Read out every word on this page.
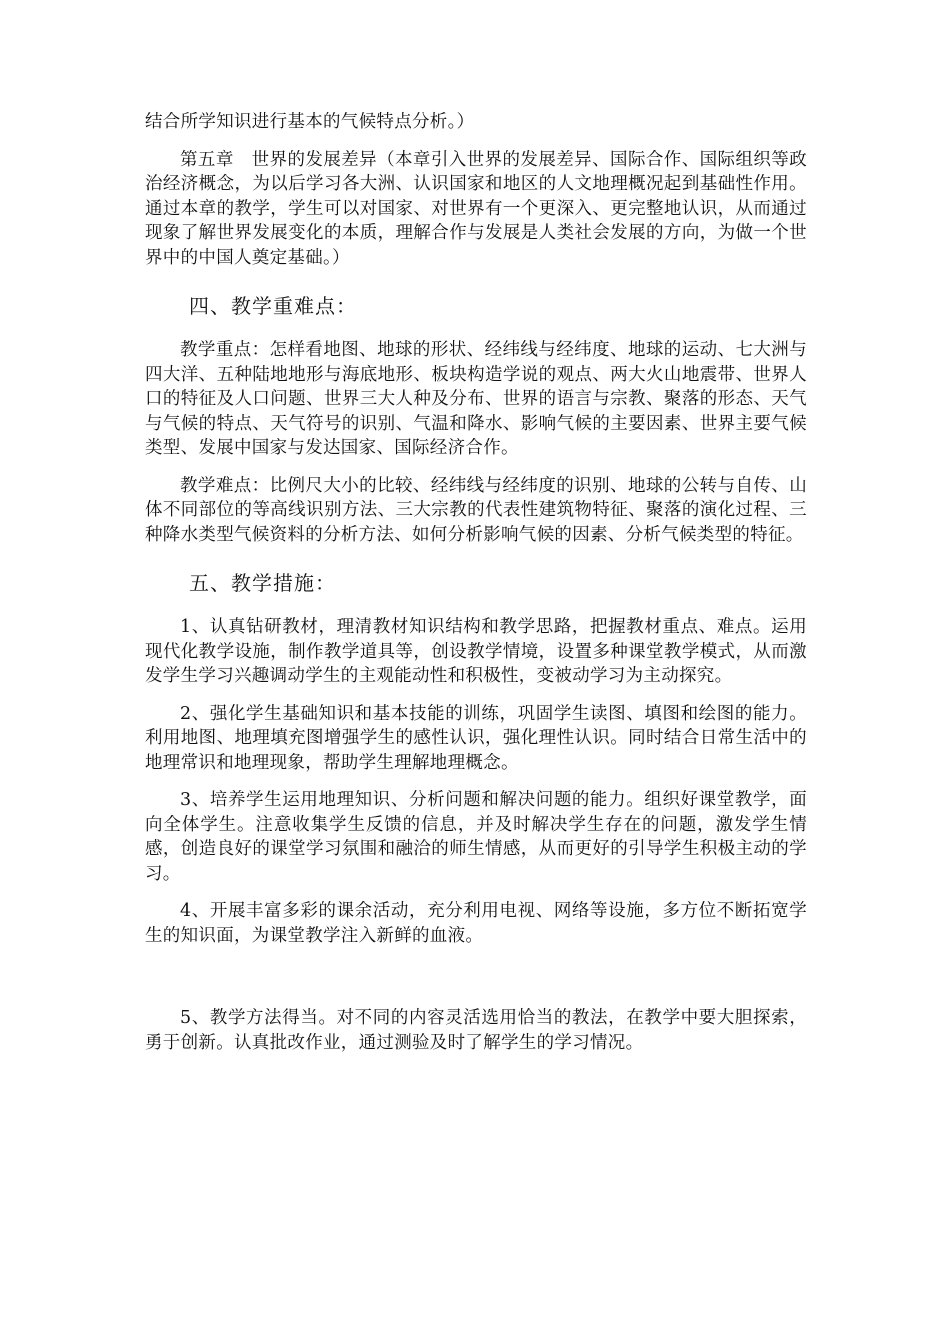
结合所学知识进行基本的气候特点分析。）

第五章　世界的发展差异（本章引入世界的发展差异、国际合作、国际组织等政治经济概念，为以后学习各大洲、认识国家和地区的人文地理概况起到基础性作用。通过本章的教学，学生可以对国家、对世界有一个更深入、更完整地认识，从而通过现象了解世界发展变化的本质，理解合作与发展是人类社会发展的方向，为做一个世界中的中国人奠定基础。）

四、教学重难点：

教学重点：怎样看地图、地球的形状、经纬线与经纬度、地球的运动、七大洲与四大洋、五种陆地地形与海底地形、板块构造学说的观点、两大火山地震带、世界人口的特征及人口问题、世界三大人种及分布、世界的语言与宗教、聚落的形态、天气与气候的特点、天气符号的识别、气温和降水、影响气候的主要因素、世界主要气候类型、发展中国家与发达国家、国际经济合作。

教学难点：比例尺大小的比较、经纬线与经纬度的识别、地球的公转与自传、山体不同部位的等高线识别方法、三大宗教的代表性建筑物特征、聚落的演化过程、三种降水类型气候资料的分析方法、如何分析影响气候的因素、分析气候类型的特征。

五、教学措施：

1、认真钻研教材，理清教材知识结构和教学思路，把握教材重点、难点。运用现代化教学设施，制作教学道具等，创设教学情境，设置多种课堂教学模式，从而激发学生学习兴趣调动学生的主观能动性和积极性，变被动学习为主动探究。

2、强化学生基础知识和基本技能的训练，巩固学生读图、填图和绘图的能力。利用地图、地理填充图增强学生的感性认识，强化理性认识。同时结合日常生活中的地理常识和地理现象，帮助学生理解地理概念。

3、培养学生运用地理知识、分析问题和解决问题的能力。组织好课堂教学，面向全体学生。注意收集学生反馈的信息，并及时解决学生存在的问题，激发学生情感，创造良好的课堂学习氛围和融洽的师生情感，从而更好的引导学生积极主动的学习。

4、开展丰富多彩的课余活动，充分利用电视、网络等设施，多方位不断拓宽学生的知识面，为课堂教学注入新鲜的血液。

5、教学方法得当。对不同的内容灵活选用恰当的教法，在教学中要大胆探索，勇于创新。认真批改作业，通过测验及时了解学生的学习情况。
